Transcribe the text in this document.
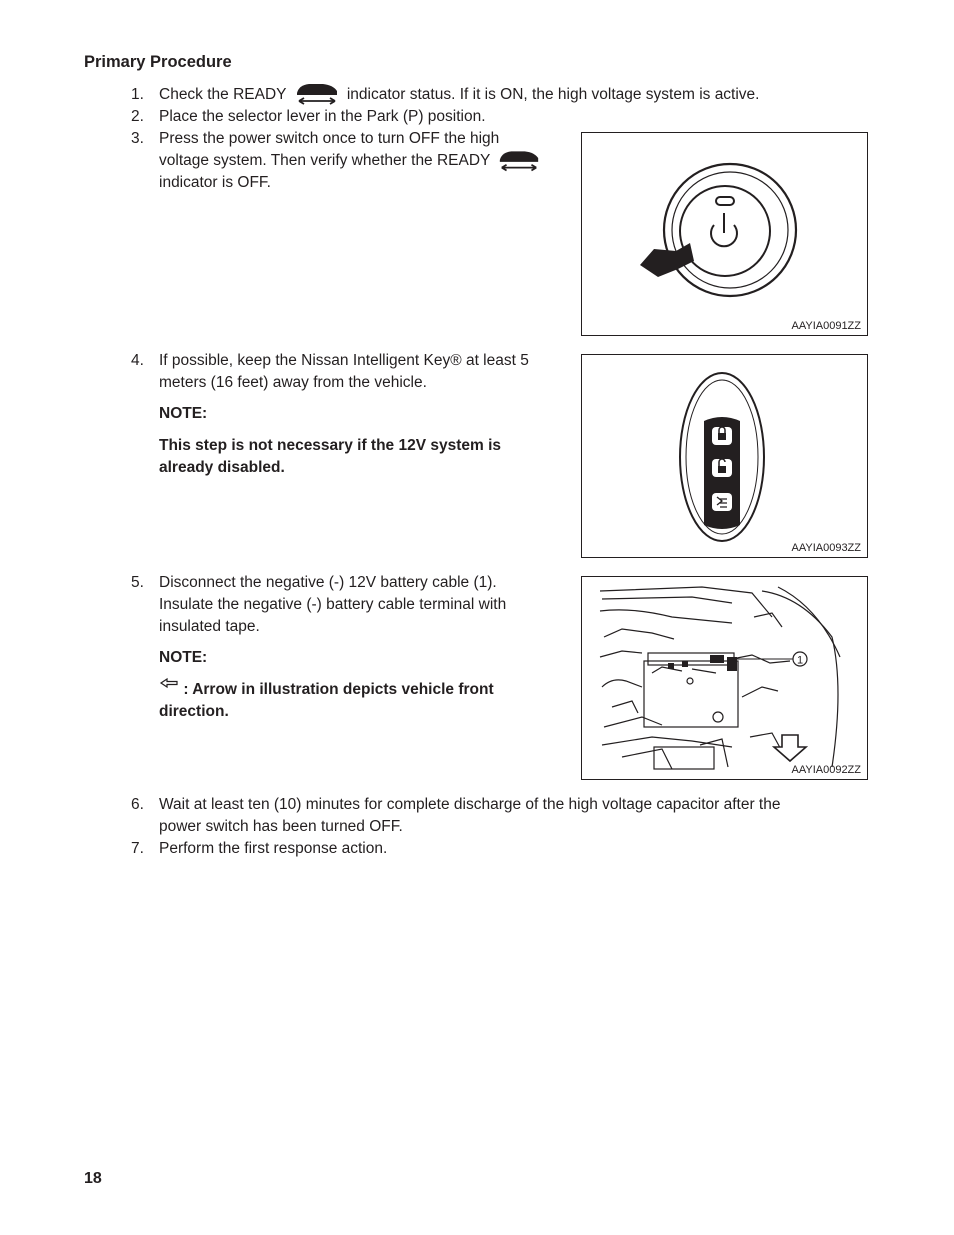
Primary Procedure
1. Check the READY	indicator status. If it is ON, the high voltage system is active.
2. Place the selector lever in the Park (P) position.
3. Press the power switch once to turn OFF the high
voltage system. Then verify whether the READY
indicator is OFF.
AAYIA0091ZZ
4. If possible, keep the Nissan Intelligent Key® at least 5
meters (16 feet) away from the vehicle.
NOTE:
This step is not necessary if the 12V system is
already disabled.
AAYIA0093ZZ
5. Disconnect the negative (-) 12V battery cable (1).
Insulate the negative (-) battery cable terminal with
insulated tape.
NOTE:
: Arrow in illustration depicts vehicle front
direction.
1
AAYIA0092ZZ
6. Wait at least ten (10) minutes for complete discharge of the high voltage capacitor after the
power switch has been turned OFF.
7. Perform the first response action.
18
